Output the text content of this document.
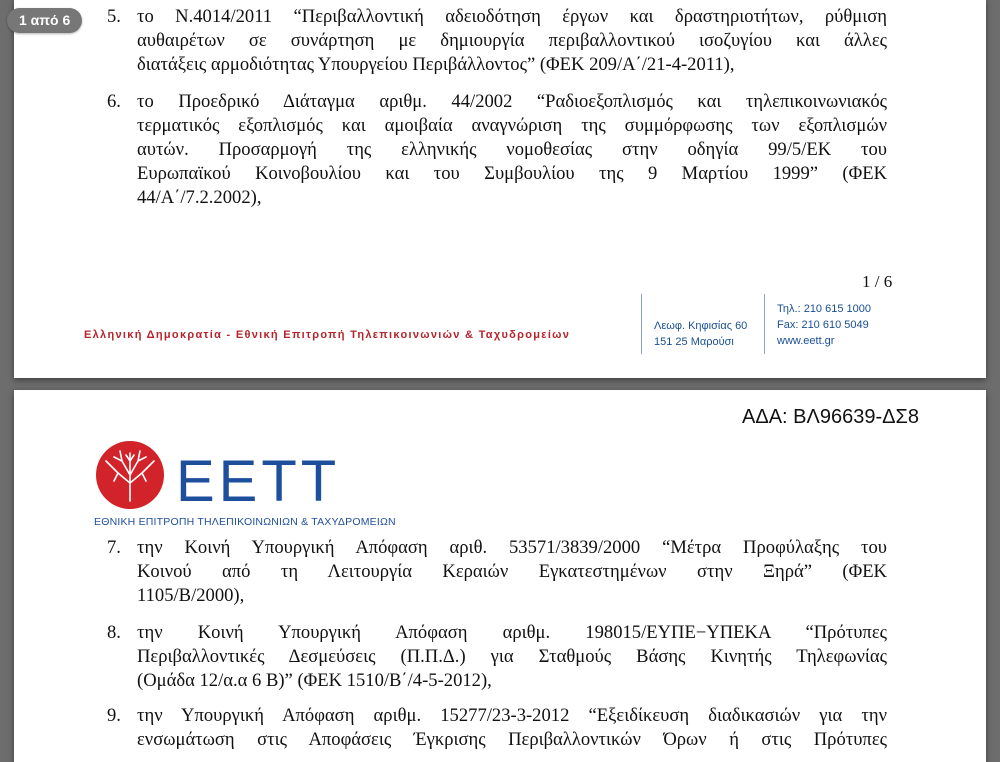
1 από 6	5. το Ν.4014/2011 “Περιβαλλοντική αδειοδότηση έργων και δραστηριοτήτων, ρύθμιση
αυθαιρέτων σε συνάρτηση με δημιουργία περιβαλλοντικού ισοζυγίου και άλλες
διατάξεις αρμοδιότητας Υπουργείου Περιβάλλοντος” (ΦΕΚ 209/Α΄/21-4-2011),
6. το Προεδρικό Διάταγμα αριθμ. 44/2002 “Ραδιοεξοπλισμός και τηλεπικοινωνιακός
τερματικός εξοπλισμός και αμοιβαία αναγνώριση της συμμόρφωσης των εξοπλισμών
αυτών. Προσαρμογή της ελληνικής νομοθεσίας στην οδηγία 99/5/ΕΚ του
Ευρωπαϊκού Κοινοβουλίου και του Συμβουλίου της 9 Μαρτίου 1999” (ΦΕΚ
44/Α΄/7.2.2002),
1 / 6
Ελληνική Δημοκρατία - Εθνική Επιτροπή Τηλεπικοινωνιών & Ταχυδρομείων
Λεωφ. Κηφισίας 60
151 25 Μαρούσι
Τηλ.: 210 615 1000
Fax: 210 610 5049
www.eett.gr
ΑΔΑ: ΒΛ96639-ΔΣ8
EETT
ΕΘΝΙΚΗ ΕΠΙΤΡΟΠΗ ΤΗΛΕΠΙΚΟΙΝΩΝΙΩΝ & ΤΑΧΥΔΡΟΜΕΙΩΝ
7. την Κοινή Υπουργική Απόφαση αριθ. 53571/3839/2000 “Μέτρα Προφύλαξης του
Κοινού από τη Λειτουργία Κεραιών Εγκατεστημένων στην Ξηρά” (ΦΕΚ
1105/Β/2000),
8. την Κοινή Υπουργική Απόφαση αριθμ. 198015/ΕΥΠΕ−ΥΠΕΚΑ “Πρότυπες
Περιβαλλοντικές Δεσμεύσεις (Π.Π.Δ.) για Σταθμούς Βάσης Κινητής Τηλεφωνίας
(Ομάδα 12/α.α 6 Β)” (ΦΕΚ 1510/Β΄/4-5-2012),
9. την Υπουργική Απόφαση αριθμ. 15277/23-3-2012 “Εξειδίκευση διαδικασιών για την
ενσωμάτωση στις Αποφάσεις Έγκρισης Περιβαλλοντικών Όρων ή στις Πρότυπες
